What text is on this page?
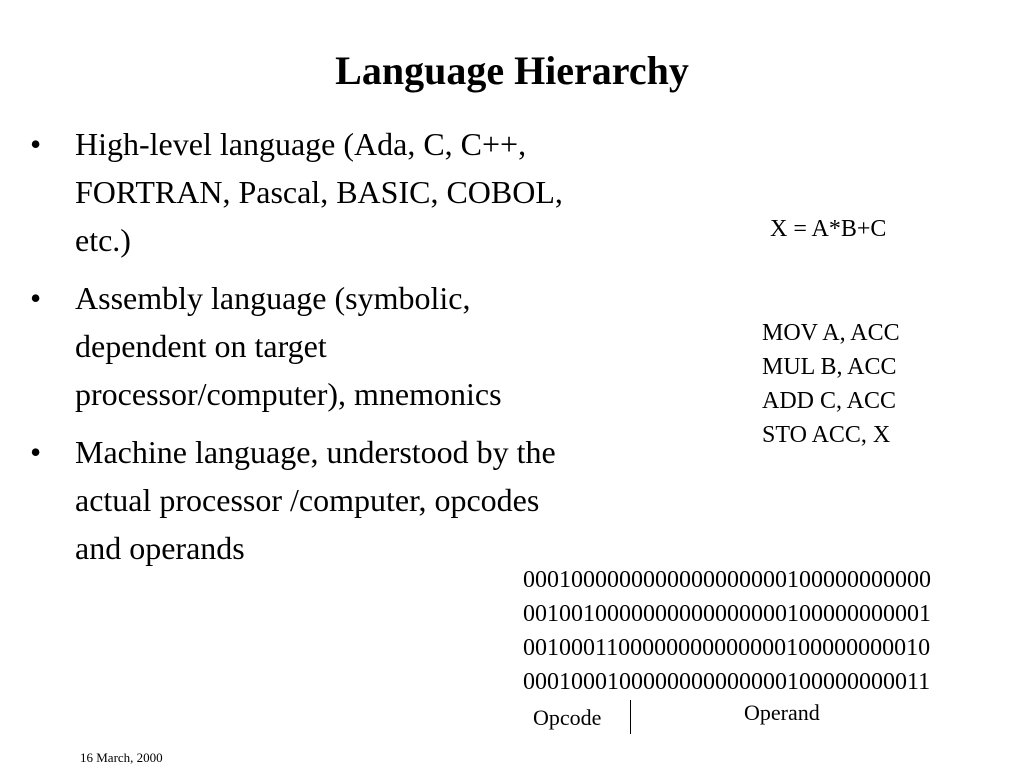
Language Hierarchy
•	High-level language (Ada, C, C++, FORTRAN, Pascal, BASIC, COBOL, etc.)
•	Assembly language (symbolic, dependent on target processor/computer), mnemonics
•	Machine language, understood by the actual processor /computer, opcodes and operands
X = A*B+C
MOV A, ACC
MUL B, ACC
ADD C, ACC
STO ACC, X
0001000000000000000000100000000000
0010010000000000000000100000000001
0010001100000000000000100000000010
0001000100000000000000100000000011
Opcode	Operand
16 March, 2000
